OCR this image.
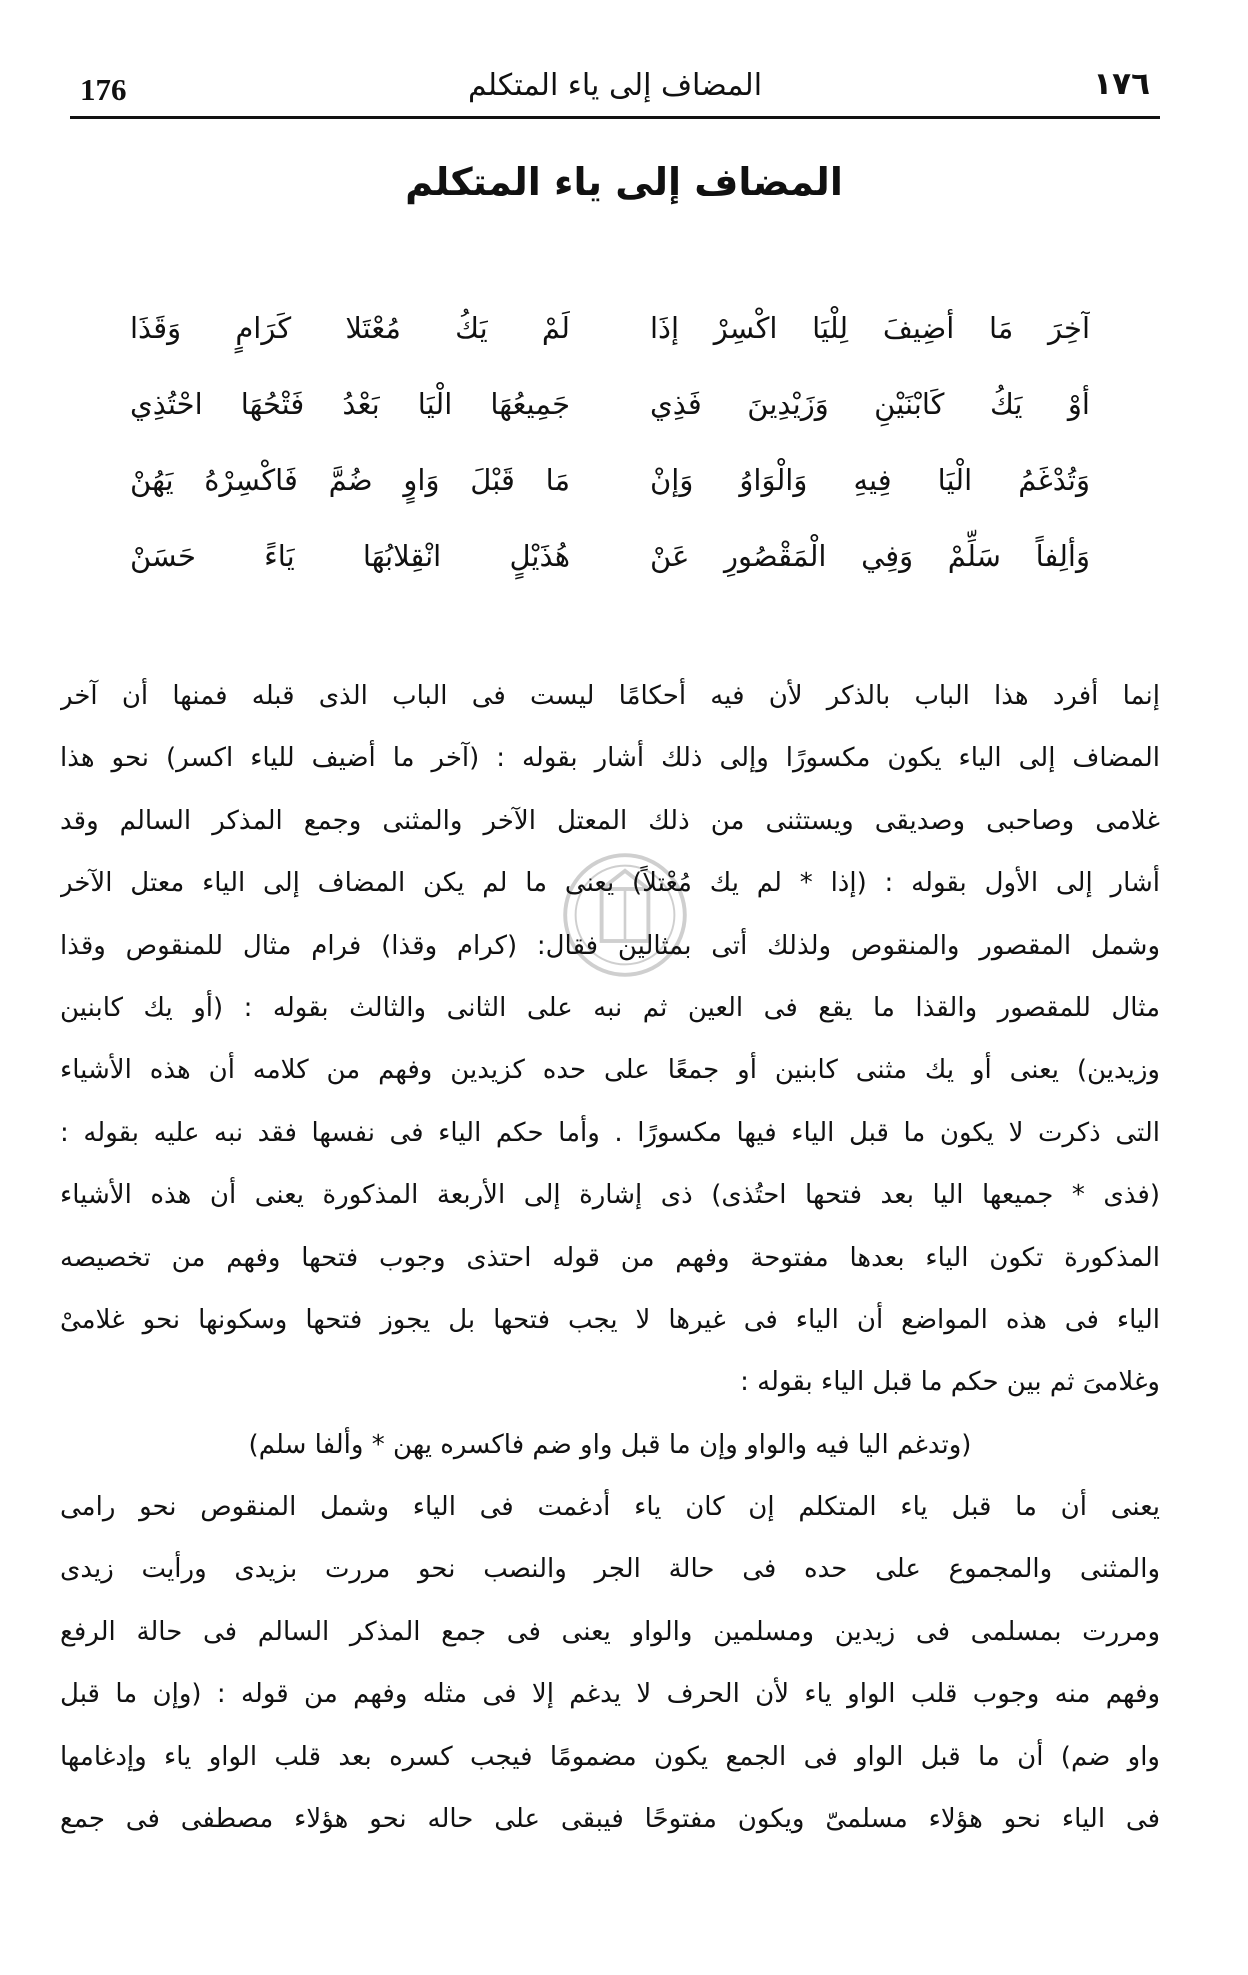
176	المضاف إلى ياء المتكلم	١٧٦
المضاف إلى ياء المتكلم
آخِرَ مَا أضِيفَ لِلْيَا اكْسِرْ إذَا
لَمْ يَكُ مُعْتَلا كَرَامٍ وَقَذَا
أوْ يَكُ كَابْنَيْنِ وَزَيْدِينَ فَذِي
جَمِيعُهَا الْيَا بَعْدُ فَتْحُهَا احْتُذِي
وَتُدْغَمُ الْيَا فِيهِ وَالْوَاوُ وَإنْ
مَا قَبْلَ وَاوٍ ضُمَّ فَاكْسِرْهُ يَهُنْ
وَألِفاً سَلِّمْ وَفِي الْمَقْصُورِ عَنْ
هُذَيْلٍ انْقِلابُهَا يَاءً حَسَنْ
إنما أفرد هذا الباب بالذكر لأن فيه أحكامًا ليست فى الباب الذى قبله فمنها أن آخر
المضاف إلى الياء يكون مكسورًا وإلى ذلك أشار بقوله : (آخر ما أضيف للياء اكسر) نحو هذا
غلامى وصاحبى وصديقى ويستثنى من ذلك المعتل الآخر والمثنى وجمع المذكر السالم وقد
أشار إلى الأول بقوله : (إذا * لم يك مُعْتلاً) يعنى ما لم يكن المضاف إلى الياء معتل الآخر
وشمل المقصور والمنقوص ولذلك أتى بمثالين فقال: (كرام وقذا) فرام مثال للمنقوص وقذا
مثال للمقصور والقذا ما يقع فى العين ثم نبه على الثانى والثالث بقوله : (أو يك كابنين
وزيدين) يعنى أو يك مثنى كابنين أو جمعًا على حده كزيدين وفهم من كلامه أن هذه الأشياء
التى ذكرت لا يكون ما قبل الياء فيها مكسورًا . وأما حكم الياء فى نفسها فقد نبه عليه بقوله :
(فذى * جميعها اليا بعد فتحها احتُذى) ذى إشارة إلى الأربعة المذكورة يعنى أن هذه الأشياء
المذكورة تكون الياء بعدها مفتوحة وفهم من قوله احتذى وجوب فتحها وفهم من تخصيصه
الياء فى هذه المواضع أن الياء فى غيرها لا يجب فتحها بل يجوز فتحها وسكونها نحو غلامىْ
وغلامىَ ثم بين حكم ما قبل الياء بقوله :
(وتدغم اليا فيه والواو وإن ما قبل واو ضم فاكسره يهن * وألفا سلم)
يعنى أن ما قبل ياء المتكلم إن كان ياء أدغمت فى الياء وشمل المنقوص نحو رامى
والمثنى والمجموع على حده فى حالة الجر والنصب نحو مررت بزيدى ورأيت زيدى
ومررت بمسلمى فى زيدين ومسلمين والواو يعنى فى جمع المذكر السالم فى حالة الرفع
وفهم منه وجوب قلب الواو ياء لأن الحرف لا يدغم إلا فى مثله وفهم من قوله : (وإن ما قبل
واو ضم) أن ما قبل الواو فى الجمع يكون مضمومًا فيجب كسره بعد قلب الواو ياء وإدغامها
فى الياء نحو هؤلاء مسلمىّ ويكون مفتوحًا فيبقى على حاله نحو هؤلاء مصطفى فى جمع
